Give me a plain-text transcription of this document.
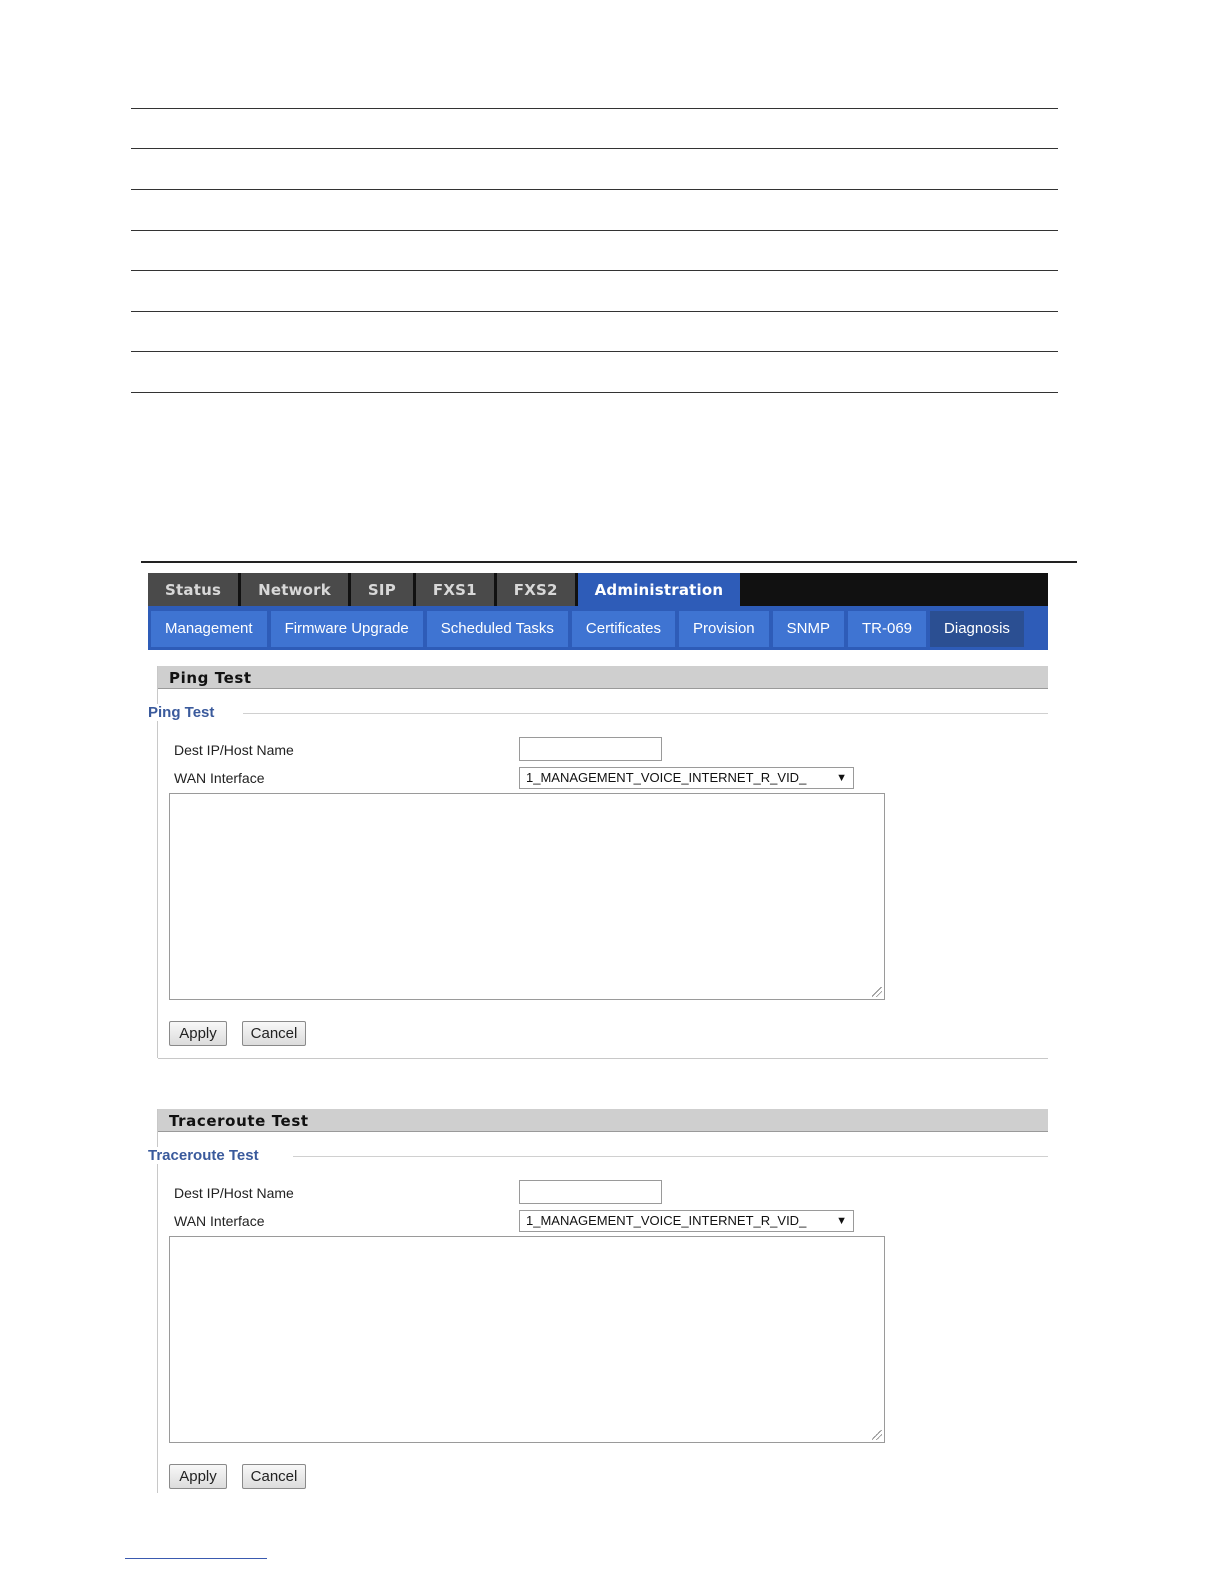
Status	Network	SIP	FXS1	FXS2	Administration
Management	Firmware Upgrade	Scheduled Tasks	Certificates	Provision	SNMP	TR-069	Diagnosis
Ping Test
Ping Test
Dest IP/Host Name
WAN Interface	1_MANAGEMENT_VOICE_INTERNET_R_VID_	▼
Apply	Cancel
Traceroute Test
Traceroute Test
Dest IP/Host Name
WAN Interface	1_MANAGEMENT_VOICE_INTERNET_R_VID_	▼
Apply	Cancel
